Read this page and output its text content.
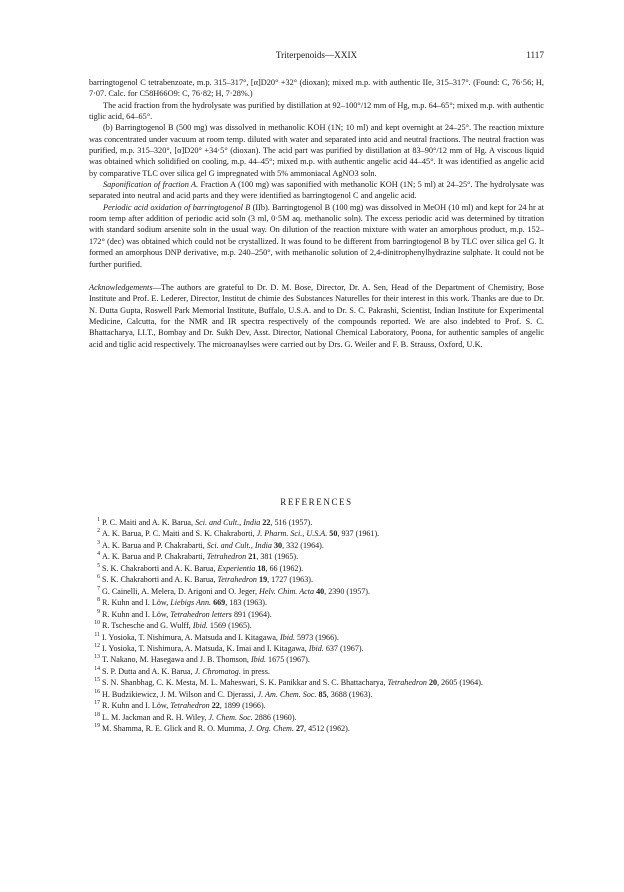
Triterpenoids—XXIX	1117

barringtogenol C tetrabenzoate, m.p. 315–317°, [α]D20° +32° (dioxan); mixed m.p. with authentic IIe, 315–317°. (Found: C, 76·56; H, 7·07. Calc. for C58H66O9: C, 76·82; H, 7·28%.)

The acid fraction from the hydrolysate was purified by distillation at 92–100°/12 mm of Hg, m.p. 64–65°; mixed m.p. with authentic tiglic acid, 64–65°.

(b) Barringtogenol B (500 mg) was dissolved in methanolic KOH (1N; 10 ml) and kept overnight at 24–25°. The reaction mixture was concentrated under vacuum at room temp. diluted with water and separated into acid and neutral fractions. The neutral fraction was purified, m.p. 315–320°, [α]D20° +34·5° (dioxan). The acid part was purified by distillation at 83–90°/12 mm of Hg. A viscous liquid was obtained which solidified on cooling, m.p. 44–45°; mixed m.p. with authentic angelic acid 44–45°. It was identified as angelic acid by comparative TLC over silica gel G impregnated with 5% ammoniacal AgNO3 soln.

Saponification of fraction A. Fraction A (100 mg) was saponified with methanolic KOH (1N; 5 ml) at 24–25°. The hydrolysate was separated into neutral and acid parts and they were identified as barringtogenol C and angelic acid.

Periodic acid oxidation of barringtogenol B (IIb). Barringtogenol B (100 mg) was dissolved in MeOH (10 ml) and kept for 24 hr at room temp after addition of periodic acid soln (3 ml, 0·5M aq. methanolic soln). The excess periodic acid was determined by titration with standard sodium arsenite soln in the usual way. On dilution of the reaction mixture with water an amorphous product, m.p. 152–172° (dec) was obtained which could not be crystallized. It was found to be different from barringtogenol B by TLC over silica gel G. It formed an amorphous DNP derivative, m.p. 240–250°, with methanolic solution of 2,4-dinitrophenylhydrazine sulphate. It could not be further purified.

Acknowledgements—The authors are grateful to Dr. D. M. Bose, Director, Dr. A. Sen, Head of the Department of Chemistry, Bose Institute and Prof. E. Lederer, Director, Institut de chimie des Substances Naturelles for their interest in this work. Thanks are due to Dr. N. Dutta Gupta, Roswell Park Memorial Institute, Buffalo, U.S.A. and to Dr. S. C. Pakrashi, Scientist, Indian Institute for Experimental Medicine, Calcutta, for the NMR and IR spectra respectively of the compounds reported. We are also indebted to Prof. S. C. Bhattacharya, I.I.T., Bombay and Dr. Sukh Dev, Asst. Director, National Chemical Laboratory, Poona, for authentic samples of angelic acid and tiglic acid respectively. The microanaylses were carried out by Drs. G. Weiler and F. B. Strauss, Oxford, U.K.

REFERENCES
1 P. C. Maiti and A. K. Barua, Sci. and Cult., India 22, 516 (1957).
2 A. K. Barua, P. C. Maiti and S. K. Chakraborti, J. Pharm. Sci., U.S.A. 50, 937 (1961).
3 A. K. Barua and P. Chakrabarti, Sci. and Cult., India 30, 332 (1964).
4 A. K. Barua and P. Chakrabarti, Tetrahedron 21, 381 (1965).
5 S. K. Chakraborti and A. K. Barua, Experientia 18, 66 (1962).
6 S. K. Chakraborti and A. K. Barua, Tetrahedron 19, 1727 (1963).
7 G. Cainelli, A. Melera, D. Arigoni and O. Jeger, Helv. Chim. Acta 40, 2390 (1957).
8 R. Kuhn and I. Löw, Liebigs Ann. 669, 183 (1963).
9 R. Kuhn and I. Löw, Tetrahedron letters 891 (1964).
10 R. Tschesche and G. Wulff, Ibid. 1569 (1965).
11 I. Yosioka, T. Nishimura, A. Matsuda and I. Kitagawa, Ibid. 5973 (1966).
12 I. Yosioka, T. Nishimura, A. Matsuda, K. Imai and I. Kitagawa, Ibid. 637 (1967).
13 T. Nakano, M. Hasegawa and J. B. Thomson, Ibid. 1675 (1967).
14 S. P. Dutta and A. K. Barua, J. Chromatog. in press.
15 S. N. Shanbhag, C. K. Mesta, M. L. Maheswari, S. K. Panikkar and S. C. Bhattacharya, Tetrahedron 20, 2605 (1964).
16 H. Budzikiewicz, J. M. Wilson and C. Djerassi, J. Am. Chem. Soc. 85, 3688 (1963).
17 R. Kuhn and I. Löw, Tetrahedron 22, 1899 (1966).
18 L. M. Jackman and R. H. Wiley, J. Chem. Soc. 2886 (1960).
19 M. Shamma, R. E. Glick and R. O. Mumma, J. Org. Chem. 27, 4512 (1962).
